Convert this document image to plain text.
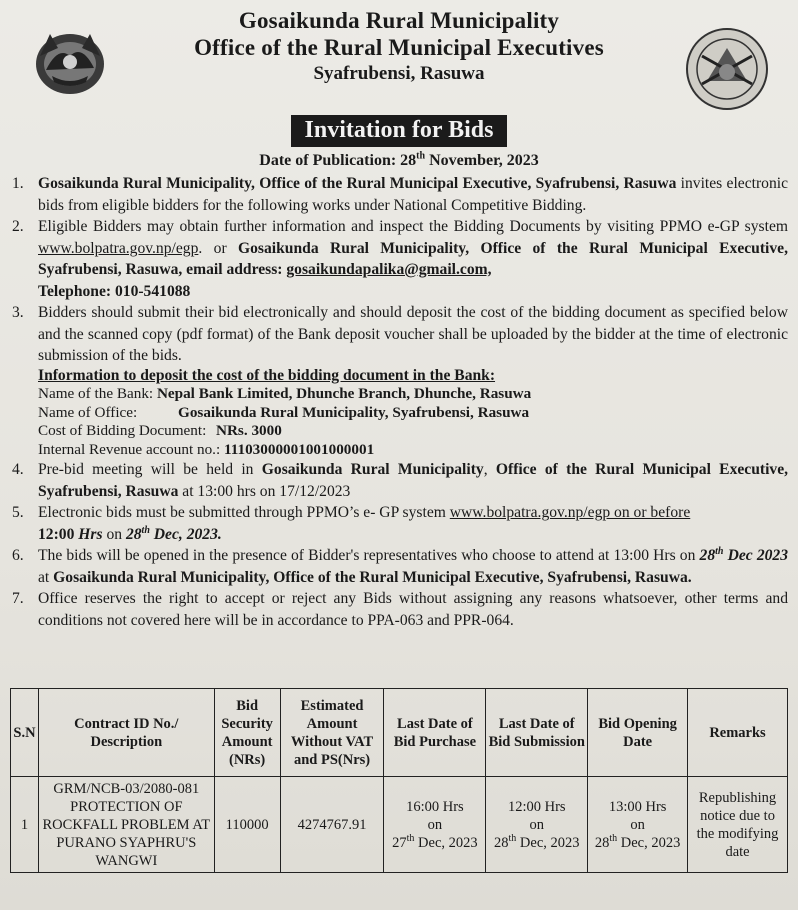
Gosaikunda Rural Municipality
Office of the Rural Municipal Executives
Syafrubensi, Rasuwa
Invitation for Bids
Date of Publication: 28th November, 2023
1. Gosaikunda Rural Municipality, Office of the Rural Municipal Executive, Syafrubensi, Rasuwa invites electronic bids from eligible bidders for the following works under National Competitive Bidding.
2. Eligible Bidders may obtain further information and inspect the Bidding Documents by visiting PPMO e-GP system www.bolpatra.gov.np/egp. or Gosaikunda Rural Municipality, Office of the Rural Municipal Executive, Syafrubensi, Rasuwa, email address: gosaikundapalika@gmail.com,
Telephone: 010-541088
3. Bidders should submit their bid electronically and should deposit the cost of the bidding document as specified below and the scanned copy (pdf format) of the Bank deposit voucher shall be uploaded by the bidder at the time of electronic submission of the bids.
Information to deposit the cost of the bidding document in the Bank:
Name of the Bank: Nepal Bank Limited, Dhunche Branch, Dhunche, Rasuwa
Name of Office:	Gosaikunda Rural Municipality, Syafrubensi, Rasuwa
Cost of Bidding Document: NRs. 3000
Internal Revenue account no.: 11103000001001000001
4. Pre-bid meeting will be held in Gosaikunda Rural Municipality, Office of the Rural Municipal Executive, Syafrubensi, Rasuwa at 13:00 hrs on 17/12/2023
5. Electronic bids must be submitted through PPMO’s e- GP system www.bolpatra.gov.np/egp on or before
12:00 Hrs on 28th Dec, 2023.
6. The bids will be opened in the presence of Bidder's representatives who choose to attend at 13:00 Hrs on 28th Dec 2023 at Gosaikunda Rural Municipality, Office of the Rural Municipal Executive, Syafrubensi, Rasuwa.
7. Office reserves the right to accept or reject any Bids without assigning any reasons whatsoever, other terms and conditions not covered here will be in accordance to PPA-063 and PPR-064.
S.N	Contract ID No./ Description	Bid Security Amount (NRs)	Estimated Amount Without VAT and PS(Nrs)	Last Date of Bid Purchase	Last Date of Bid Submission	Bid Opening Date	Remarks
1	GRM/NCB-03/2080-081 PROTECTION OF ROCKFALL PROBLEM AT PURANO SYAPHRU'S WANGWI	110000	4274767.91	16:00 Hrs
on
27th Dec, 2023	12:00 Hrs
on
28th Dec, 2023	13:00 Hrs
on
28th Dec, 2023	Republishing notice due to the modifying date
